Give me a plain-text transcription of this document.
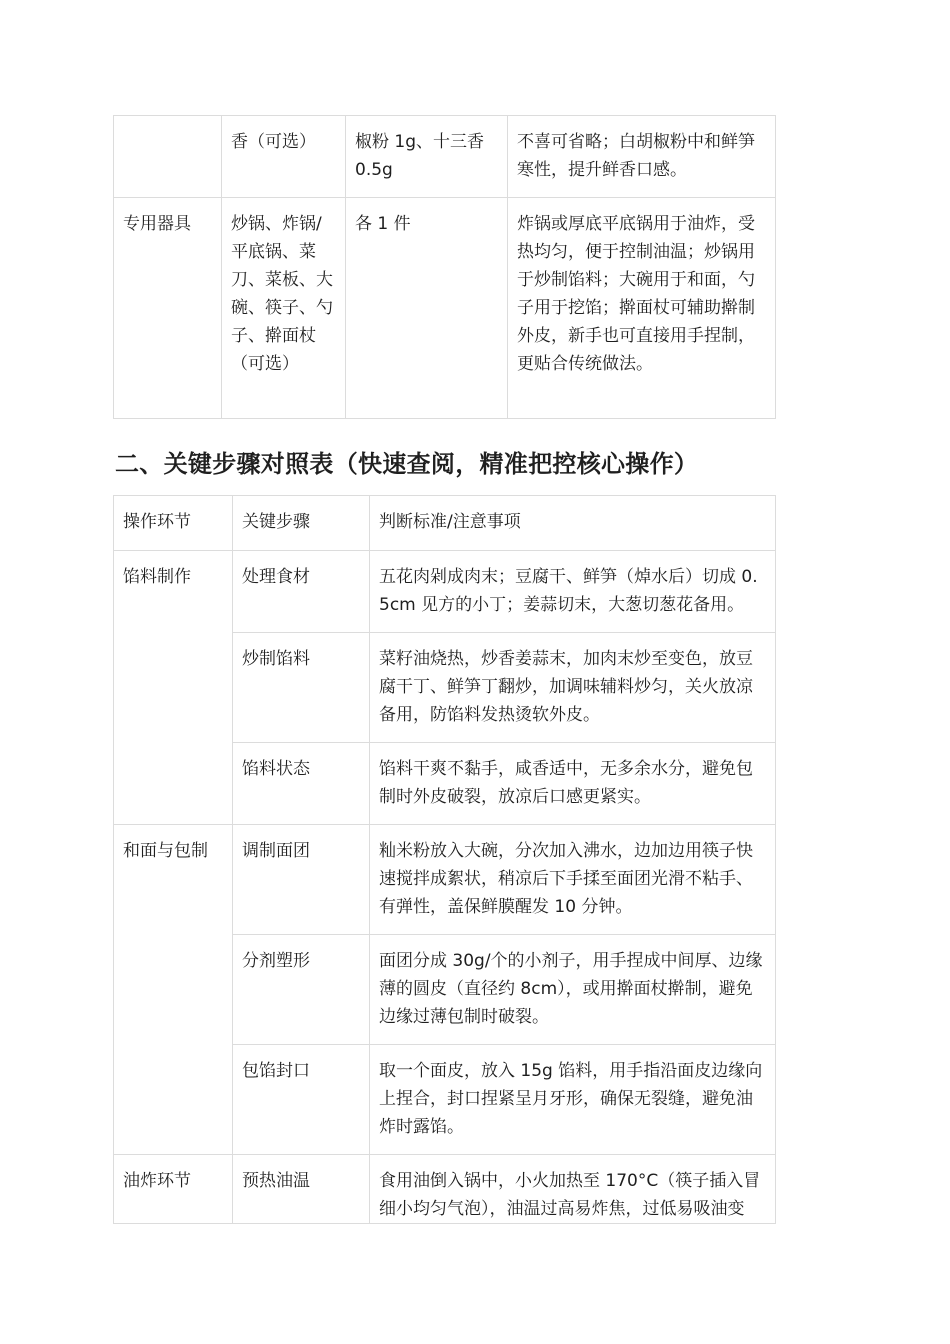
	香（可选）	椒粉 1g、十三香 0.5g	不喜可省略；白胡椒粉中和鲜笋寒性，提升鲜香口感。
专用器具	炒锅、炸锅/平底锅、菜刀、菜板、大碗、筷子、勺子、擀面杖（可选）	各 1 件	炸锅或厚底平底锅用于油炸，受热均匀，便于控制油温；炒锅用于炒制馅料；大碗用于和面，勺子用于挖馅；擀面杖可辅助擀制外皮，新手也可直接用手捏制，更贴合传统做法。
二、关键步骤对照表（快速查阅，精准把控核心操作）
操作环节	关键步骤	判断标准/注意事项
馅料制作	处理食材	五花肉剁成肉末；豆腐干、鲜笋（焯水后）切成 0.5cm 见方的小丁；姜蒜切末，大葱切葱花备用。
	炒制馅料	菜籽油烧热，炒香姜蒜末，加肉末炒至变色，放豆腐干丁、鲜笋丁翻炒，加调味辅料炒匀，关火放凉备用，防馅料发热烫软外皮。
	馅料状态	馅料干爽不黏手，咸香适中，无多余水分，避免包制时外皮破裂，放凉后口感更紧实。
和面与包制	调制面团	籼米粉放入大碗，分次加入沸水，边加边用筷子快速搅拌成絮状，稍凉后下手揉至面团光滑不粘手、有弹性，盖保鲜膜醒发 10 分钟。
	分剂塑形	面团分成 30g/个的小剂子，用手捏成中间厚、边缘薄的圆皮（直径约 8cm），或用擀面杖擀制，避免边缘过薄包制时破裂。
	包馅封口	取一个面皮，放入 15g 馅料，用手指沿面皮边缘向上捏合，封口捏紧呈月牙形，确保无裂缝，避免油炸时露馅。
油炸环节	预热油温	食用油倒入锅中，小火加热至 170°C（筷子插入冒细小均匀气泡），油温过高易炸焦，过低易吸油变
